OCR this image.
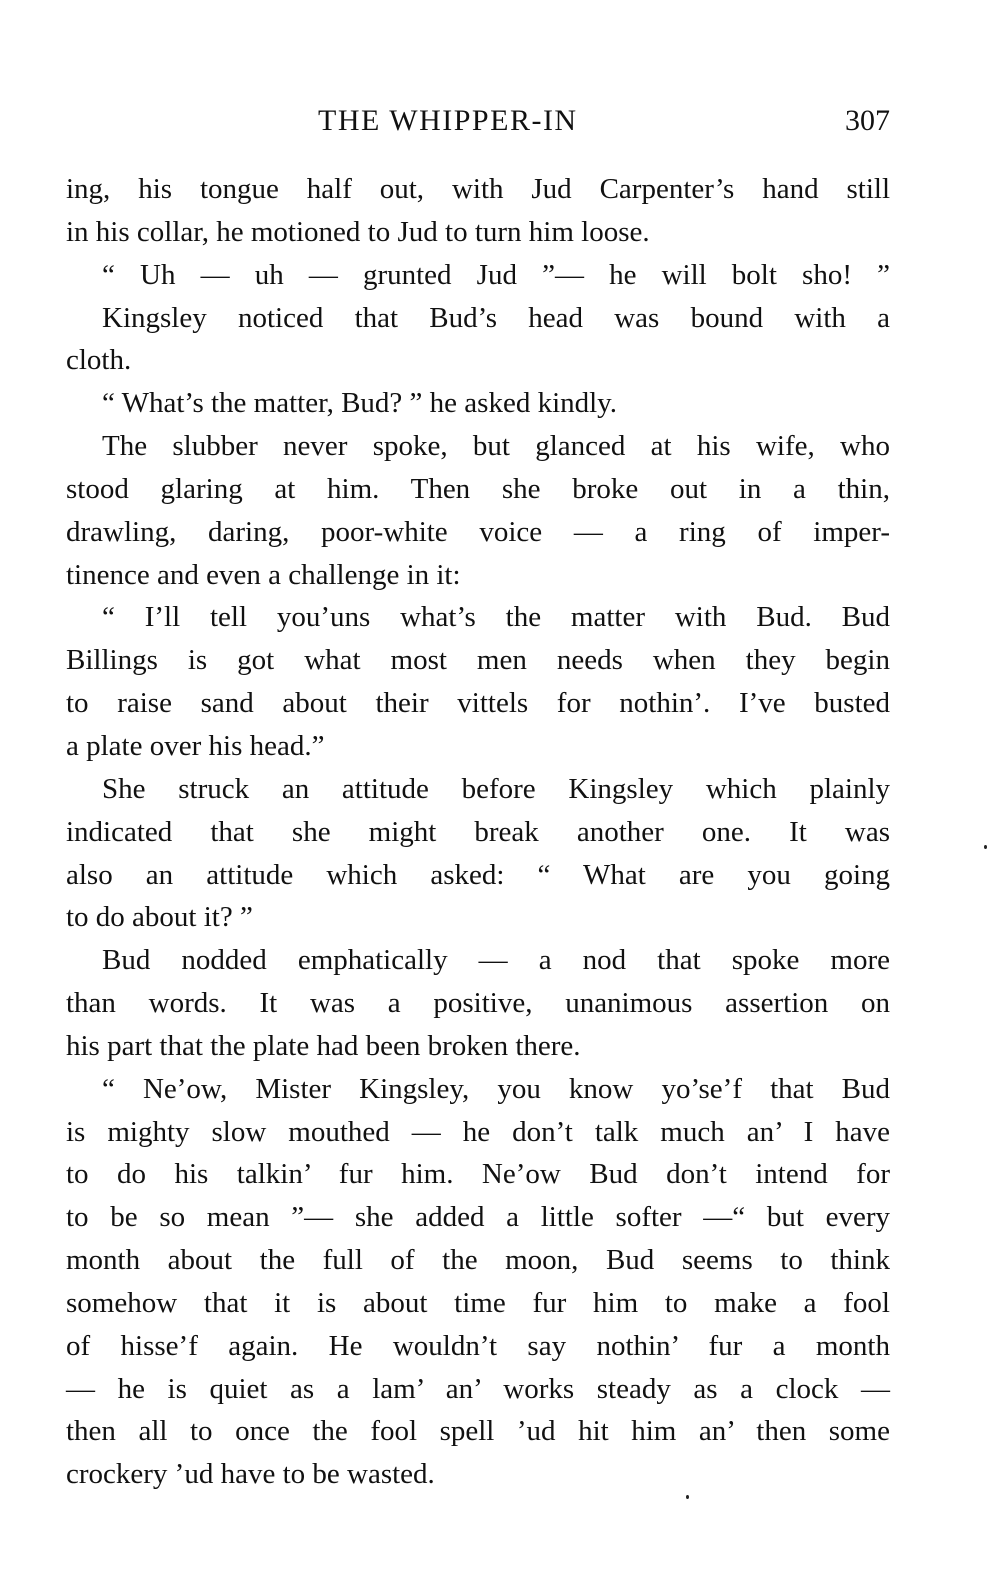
THE WHIPPER-IN	307
ing, his tongue half out, with Jud Carpenter’s hand still
in his collar, he motioned to Jud to turn him loose.
“ Uh — uh — grunted Jud ”— he will bolt sho! ”
Kingsley noticed that Bud’s head was bound with a
cloth.
“ What’s the matter, Bud? ” he asked kindly.
The slubber never spoke, but glanced at his wife, who
stood glaring at him. Then she broke out in a thin,
drawling, daring, poor-white voice — a ring of imper-
tinence and even a challenge in it:
“ I’ll tell you’uns what’s the matter with Bud. Bud
Billings is got what most men needs when they begin
to raise sand about their vittels for nothin’. I’ve busted
a plate over his head.”
She struck an attitude before Kingsley which plainly
indicated that she might break another one. It was
also an attitude which asked: “ What are you going
to do about it? ”
Bud nodded emphatically — a nod that spoke more
than words. It was a positive, unanimous assertion on
his part that the plate had been broken there.
“ Ne’ow, Mister Kingsley, you know yo’se’f that Bud
is mighty slow mouthed — he don’t talk much an’ I have
to do his talkin’ fur him. Ne’ow Bud don’t intend for
to be so mean ”— she added a little softer —“ but every
month about the full of the moon, Bud seems to think
somehow that it is about time fur him to make a fool
of hisse’f again. He wouldn’t say nothin’ fur a month
— he is quiet as a lam’ an’ works steady as a clock —
then all to once the fool spell ’ud hit him an’ then some
crockery ’ud have to be wasted.
